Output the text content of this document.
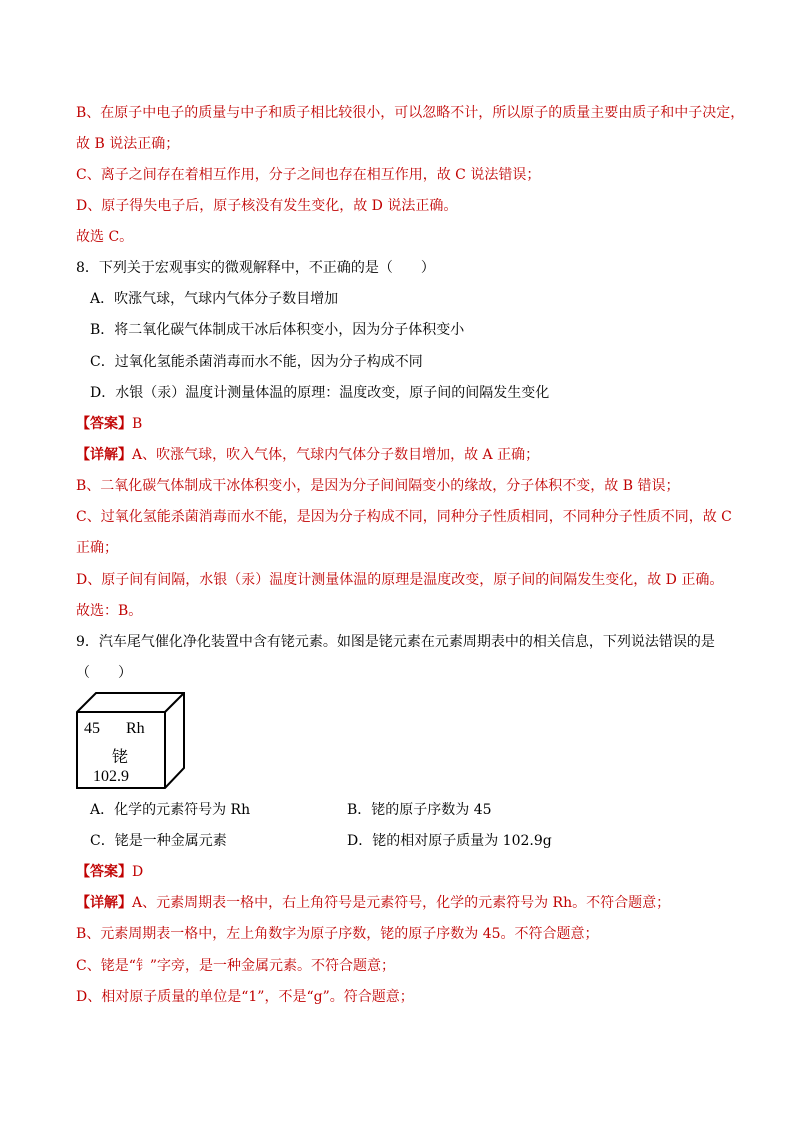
B、在原子中电子的质量与中子和质子相比较很小，可以忽略不计，所以原子的质量主要由质子和中子决定，
故 B 说法正确；
C、离子之间存在着相互作用，分子之间也存在相互作用，故 C 说法错误；
D、原子得失电子后，原子核没有发生变化，故 D 说法正确。
故选 C。
8．下列关于宏观事实的微观解释中，不正确的是（　　）
A．吹涨气球，气球内气体分子数目增加
B．将二氧化碳气体制成干冰后体积变小，因为分子体积变小
C．过氧化氢能杀菌消毒而水不能，因为分子构成不同
D．水银（汞）温度计测量体温的原理：温度改变，原子间的间隔发生变化
【答案】B
【详解】A、吹涨气球，吹入气体，气球内气体分子数目增加，故 A 正确；
B、二氧化碳气体制成干冰体积变小，是因为分子间间隔变小的缘故，分子体积不变，故 B 错误；
C、过氧化氢能杀菌消毒而水不能，是因为分子构成不同，同种分子性质相同，不同种分子性质不同，故 C
正确；
D、原子间有间隔，水银（汞）温度计测量体温的原理是温度改变，原子间的间隔发生变化，故 D 正确。
故选：B。
9．汽车尾气催化净化装置中含有铑元素。如图是铑元素在元素周期表中的相关信息，下列说法错误的是
（　　）
45 Rh
铑
102.9
A．化学的元素符号为 Rh	B．铑的原子序数为 45
C．铑是一种金属元素	D．铑的相对原子质量为 102.9g
【答案】D
【详解】A、元素周期表一格中，右上角符号是元素符号，化学的元素符号为 Rh。不符合题意；
B、元素周期表一格中，左上角数字为原子序数，铑的原子序数为 45。不符合题意；
C、铑是“钅”字旁，是一种金属元素。不符合题意；
D、相对原子质量的单位是“1”，不是“g”。符合题意；
